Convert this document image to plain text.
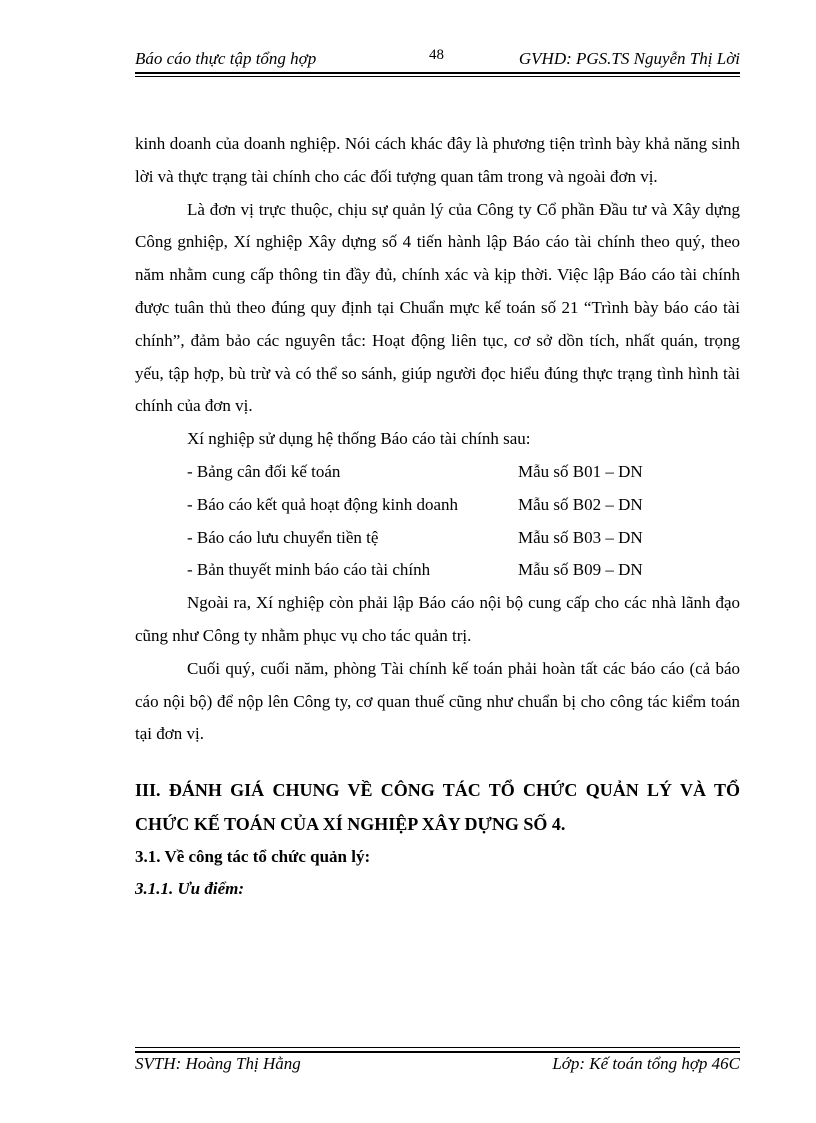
Báo cáo thực tập tổng hợp	48	GVHD: PGS.TS Nguyễn Thị Lời

kinh doanh của doanh nghiệp. Nói cách khác đây là phương tiện trình bày khả năng sinh lời và thực trạng tài chính cho các đối tượng quan tâm trong và ngoài đơn vị.

Là đơn vị trực thuộc, chịu sự quản lý của Công ty Cổ phần Đầu tư và Xây dựng Công gnhiệp, Xí nghiệp Xây dựng số 4 tiến hành lập Báo cáo tài chính theo quý, theo năm nhằm cung cấp thông tin đầy đủ, chính xác và kịp thời. Việc lập Báo cáo tài chính được tuân thủ theo đúng quy định tại Chuẩn mực kế toán số 21 “Trình bày báo cáo tài chính”, đảm bảo các nguyên tắc: Hoạt động liên tục, cơ sở dồn tích, nhất quán, trọng yếu, tập hợp, bù trừ và có thể so sánh, giúp người đọc hiểu đúng thực trạng tình hình tài chính của đơn vị.

Xí nghiệp sử dụng hệ thống Báo cáo tài chính sau:

- Bảng cân đối kế toán	Mẫu số B01 – DN
- Báo cáo kết quả hoạt động kinh doanh	Mẫu số B02 – DN
- Báo cáo lưu chuyển tiền tệ	Mẫu số B03 – DN
- Bản thuyết minh báo cáo tài chính	Mẫu số B09 – DN

Ngoài ra, Xí nghiệp còn phải lập Báo cáo nội bộ cung cấp cho các nhà lãnh đạo cũng như Công ty nhằm phục vụ cho tác quản trị.

Cuối quý, cuối năm, phòng Tài chính kế toán phải hoàn tất các báo cáo (cả báo cáo nội bộ) để nộp lên Công ty, cơ quan thuế cũng như chuẩn bị cho công tác kiểm toán tại đơn vị.

III. ĐÁNH GIÁ CHUNG VỀ CÔNG TÁC TỔ CHỨC QUẢN LÝ VÀ TỔ CHỨC KẾ TOÁN CỦA XÍ NGHIỆP XÂY DỰNG SỐ 4.

3.1. Về công tác tổ chức quản lý:

3.1.1. Ưu điểm:

SVTH: Hoàng Thị Hằng	Lớp: Kế toán tổng hợp 46C
